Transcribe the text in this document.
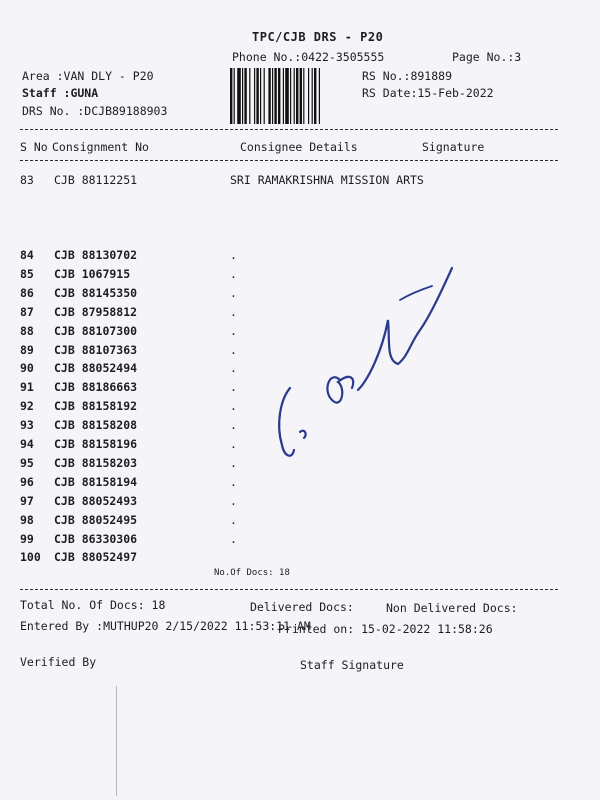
TPC/CJB DRS - P20
Phone No.:0422-3505555	Page No.:3
Area :VAN DLY - P20
Staff :GUNA
DRS No. :DCJB89188903
RS No.:891889
RS Date:15-Feb-2022
S No Consignment No	Consignee Details	Signature
83	CJB 88112251	SRI RAMAKRISHNA MISSION ARTS
84	CJB 88130702	.
85	CJB 1067915	.
86	CJB 88145350	.
87	CJB 87958812	.
88	CJB 88107300	.
89	CJB 88107363	.
90	CJB 88052494	.
91	CJB 88186663	.
92	CJB 88158192	.
93	CJB 88158208	.
94	CJB 88158196	.
95	CJB 88158203	.
96	CJB 88158194	.
97	CJB 88052493	.
98	CJB 88052495	.
99	CJB 86330306	.
100	CJB 88052497
No.Of Docs: 18
Total No. Of Docs: 18	Delivered Docs:	Non Delivered Docs:
Entered By :MUTHUP20 2/15/2022 11:53:11 AM
Printed on: 15-02-2022 11:58:26
Verified By	Staff Signature
